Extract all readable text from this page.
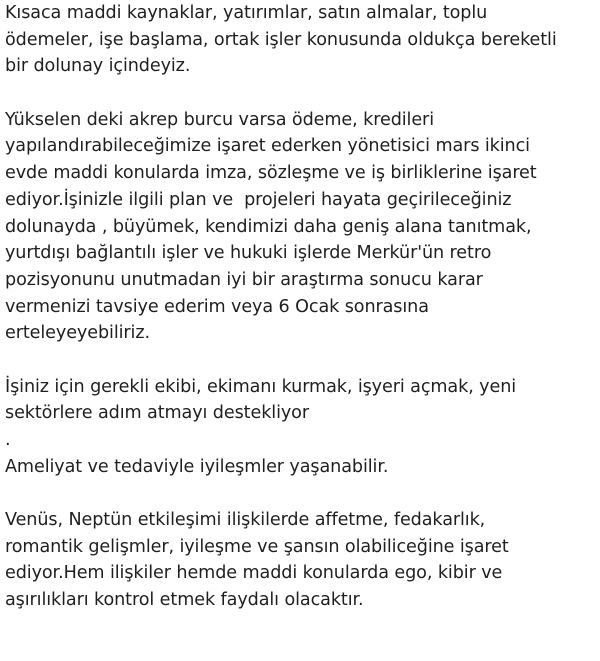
Kısaca maddi kaynaklar, yatırımlar, satın almalar, toplu
ödemeler, işe başlama, ortak işler konusunda oldukça bereketli
bir dolunay içindeyiz.
Yükselen deki akrep burcu varsa ödeme, kredileri
yapılandırabileceğimize işaret ederken yönetisici mars ikinci
evde maddi konularda imza, sözleşme ve iş birliklerine işaret
ediyor.İşinizle ilgili plan ve  projeleri hayata geçirileceğiniz
dolunayda , büyümek, kendimizi daha geniş alana tanıtmak,
yurtdışı bağlantılı işler ve hukuki işlerde Merkür'ün retro
pozisyonunu unutmadan iyi bir araştırma sonucu karar
vermenizi tavsiye ederim veya 6 Ocak sonrasına
erteleyeyebiliriz.
İşiniz için gerekli ekibi, ekimanı kurmak, işyeri açmak, yeni
sektörlere adım atmayı destekliyor
.
Ameliyat ve tedaviyle iyileşmler yaşanabilir.
Venüs, Neptün etkileşimi ilişkilerde affetme, fedakarlık,
romantik gelişmler, iyileşme ve şansın olabiliceğine işaret
ediyor.Hem ilişkiler hemde maddi konularda ego, kibir ve
aşırılıkları kontrol etmek faydalı olacaktır.
